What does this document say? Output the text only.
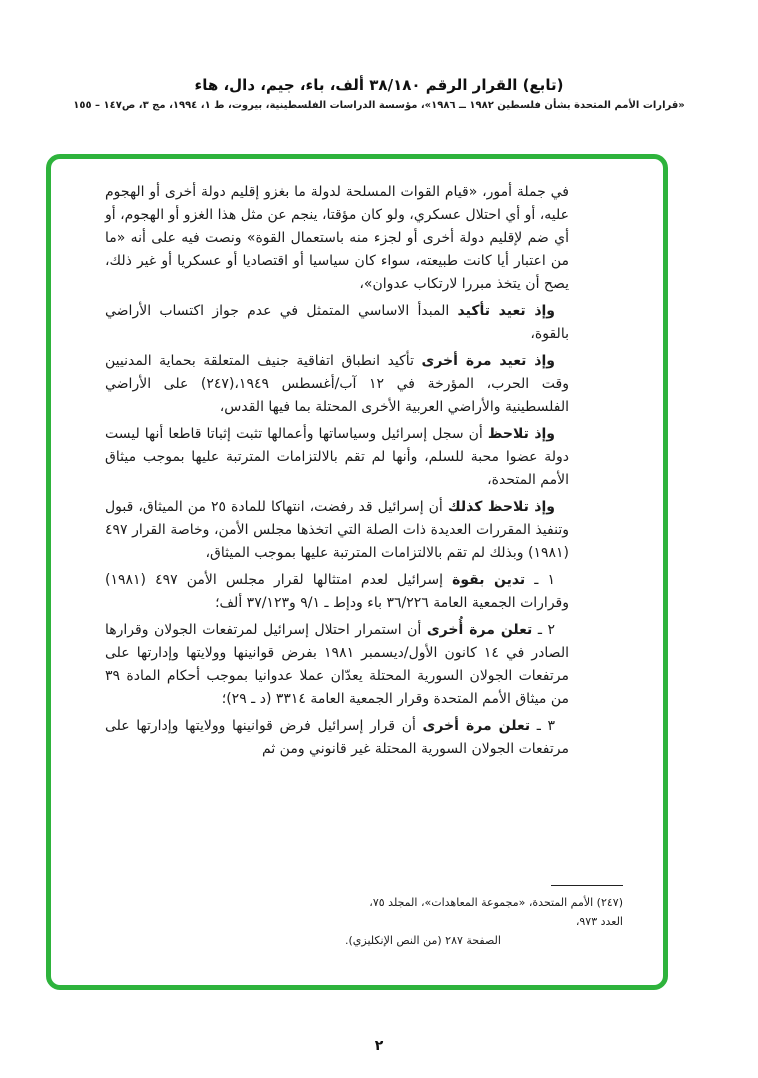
(تابع) القرار الرقم ٣٨/١٨٠ ألف، باء، جيم، دال، هاء
«قرارات الأمم المتحدة بشأن فلسطين ١٩٨٢ ــ ١٩٨٦»، مؤسسة الدراسات الفلسطينية، بيروت، ط ١، ١٩٩٤، مج ٣، ص١٤٧ – ١٥٥

في جملة أمور، «قيام القوات المسلحة لدولة ما بغزو إقليم دولة أخرى أو الهجوم عليه، أو أي احتلال عسكري، ولو كان مؤقتا، ينجم عن مثل هذا الغزو أو الهجوم، أو أي ضم لإقليم دولة أخرى أو لجزء منه باستعمال القوة» ونصت فيه على أنه «ما من اعتبار أيا كانت طبيعته، سواء كان سياسيا أو اقتصاديا أو عسكريا أو غير ذلك، يصح أن يتخذ مبررا لارتكاب عدوان»،

وإذ تعيد تأكيد المبدأ الاساسي المتمثل في عدم جواز اكتساب الأراضي بالقوة،

وإذ تعيد مرة أخرى تأكيد انطباق اتفاقية جنيف المتعلقة بحماية المدنيين وقت الحرب، المؤرخة في ١٢ آب/أغسطس ١٩٤٩،(٢٤٧) على الأراضي الفلسطينية والأراضي العربية الأخرى المحتلة بما فيها القدس،

وإذ تلاحظ أن سجل إسرائيل وسياساتها وأعمالها تثبت إثباتا قاطعا أنها ليست دولة عضوا محبة للسلم، وأنها لم تقم بالالتزامات المترتبة عليها بموجب ميثاق الأمم المتحدة،

وإذ تلاحظ كذلك أن إسرائيل قد رفضت، انتهاكا للمادة ٢٥ من الميثاق، قبول وتنفيذ المقررات العديدة ذات الصلة التي اتخذها مجلس الأمن، وخاصة القرار ٤٩٧ (١٩٨١) وبذلك لم تقم بالالتزامات المترتبة عليها بموجب الميثاق،

١ ـ تدين بقوة إسرائيل لعدم امتثالها لقرار مجلس الأمن ٤٩٧ (١٩٨١) وقرارات الجمعية العامة ٣٦/٢٢٦ باء ودإط ـ ٩/١ و٣٧/١٢٣ ألف؛

٢ ـ تعلن مرة أُخرى أن استمرار احتلال إسرائيل لمرتفعات الجولان وقرارها الصادر في ١٤ كانون الأول/ديسمبر ١٩٨١ بفرض قوانينها وولايتها وإدارتها على مرتفعات الجولان السورية المحتلة يعدّان عملا عدوانيا بموجب أحكام المادة ٣٩ من ميثاق الأمم المتحدة وقرار الجمعية العامة ٣٣١٤ (د ـ ٢٩)؛

٣ ـ تعلن مرة أخرى أن قرار إسرائيل فرض قوانينها وولايتها وإدارتها على مرتفعات الجولان السورية المحتلة غير قانوني ومن ثم

(٢٤٧) الأمم المتحدة، «مجموعة المعاهدات»، المجلد ٧٥، العدد ٩٧٣،
الصفحة ٢٨٧ (من النص الإنكليزي).
٢
